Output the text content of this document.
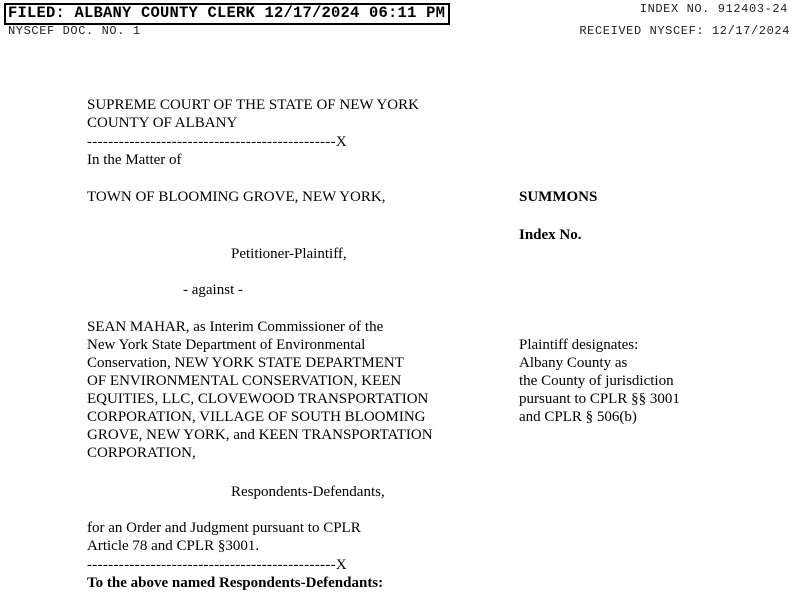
FILED: ALBANY COUNTY CLERK 12/17/2024 06:11 PM	INDEX NO. 912403-24
NYSCEF DOC. NO. 1	RECEIVED NYSCEF: 12/17/2024
SUPREME COURT OF THE STATE OF NEW YORK
COUNTY OF ALBANY
-----------------------------------------------X
In the Matter of
TOWN OF BLOOMING GROVE, NEW YORK,
Petitioner-Plaintiff,
- against -
SEAN MAHAR, as Interim Commissioner of the
New York State Department of Environmental
Conservation, NEW YORK STATE DEPARTMENT
OF ENVIRONMENTAL CONSERVATION, KEEN
EQUITIES, LLC, CLOVEWOOD TRANSPORTATION
CORPORATION, VILLAGE OF SOUTH BLOOMING
GROVE, NEW YORK, and KEEN TRANSPORTATION
CORPORATION,
Respondents-Defendants,
for an Order and Judgment pursuant to CPLR
Article 78 and CPLR §3001.
-----------------------------------------------X
To the above named Respondents-Defendants:
SUMMONS
Index No.
Plaintiff designates:
Albany County as
the County of jurisdiction
pursuant to CPLR §§ 3001
and CPLR § 506(b)
